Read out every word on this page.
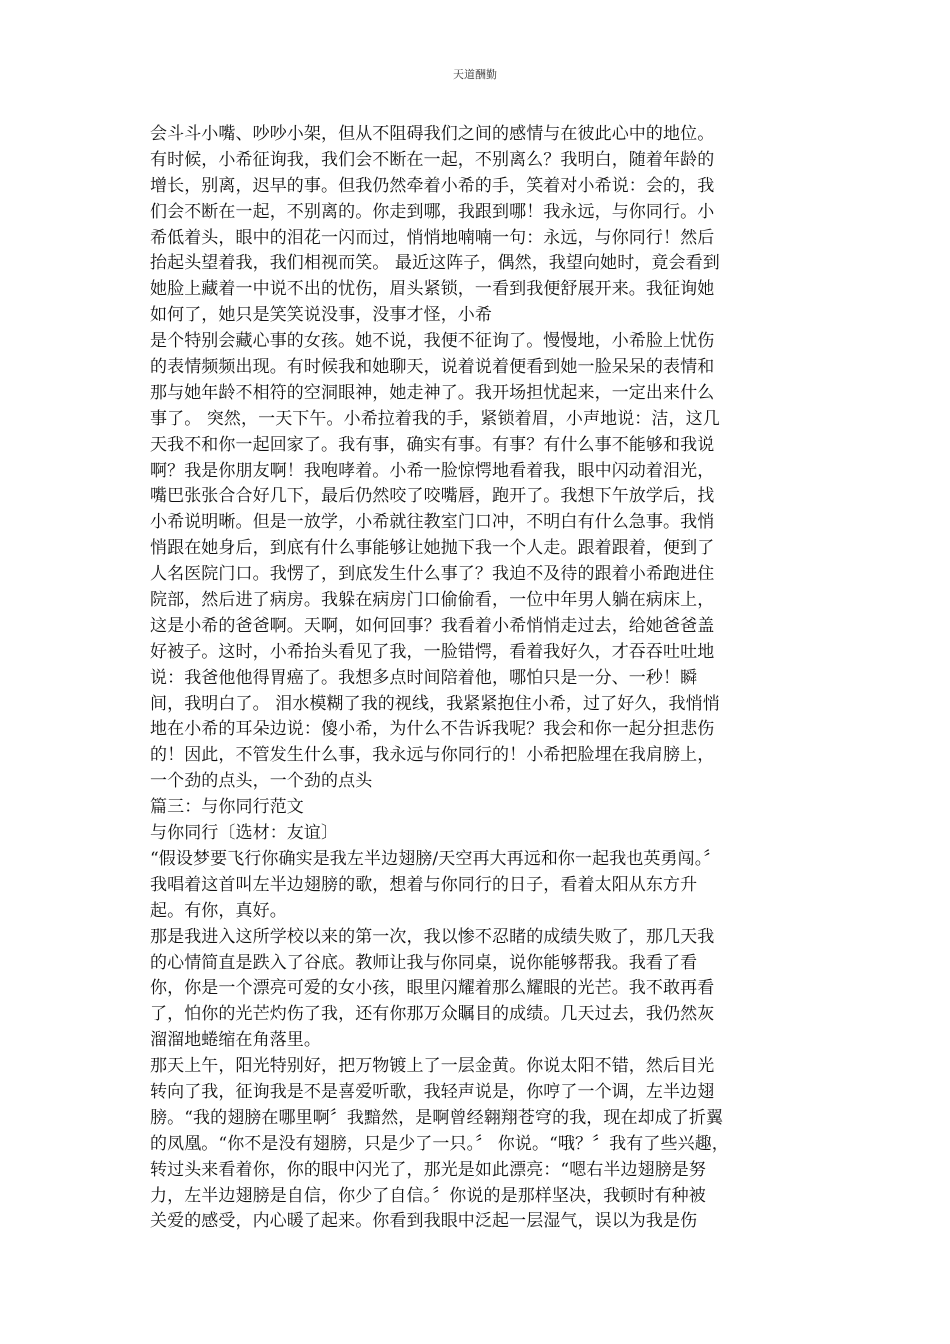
天道酬勤
会斗斗小嘴、吵吵小架，但从不阻碍我们之间的感情与在彼此心中的地位。
有时候，小希征询我，我们会不断在一起，不别离么？我明白，随着年龄的
增长，别离，迟早的事。但我仍然牵着小希的手，笑着对小希说：会的，我
们会不断在一起，不别离的。你走到哪，我跟到哪！我永远，与你同行。小
希低着头，眼中的泪花一闪而过，悄悄地喃喃一句：永远，与你同行！然后
抬起头望着我，我们相视而笑。 最近这阵子，偶然，我望向她时，竟会看到
她脸上藏着一中说不出的忧伤，眉头紧锁，一看到我便舒展开来。我征询她
如何了，她只是笑笑说没事，没事才怪，小希
是个特别会藏心事的女孩。她不说，我便不征询了。慢慢地，小希脸上忧伤
的表情频频出现。有时候我和她聊天，说着说着便看到她一脸呆呆的表情和
那与她年龄不相符的空洞眼神，她走神了。我开场担忧起来，一定出来什么
事了。 突然，一天下午。小希拉着我的手，紧锁着眉，小声地说：洁，这几
天我不和你一起回家了。我有事，确实有事。有事？有什么事不能够和我说
啊？我是你朋友啊！我咆哮着。小希一脸惊愕地看着我，眼中闪动着泪光，
嘴巴张张合合好几下，最后仍然咬了咬嘴唇，跑开了。我想下午放学后，找
小希说明晰。但是一放学，小希就往教室门口冲，不明白有什么急事。我悄
悄跟在她身后，到底有什么事能够让她抛下我一个人走。跟着跟着，便到了
人名医院门口。我愣了，到底发生什么事了？我迫不及待的跟着小希跑进住
院部，然后进了病房。我躲在病房门口偷偷看，一位中年男人躺在病床上，
这是小希的爸爸啊。天啊，如何回事？我看着小希悄悄走过去，给她爸爸盖
好被子。这时，小希抬头看见了我，一脸错愕，看着我好久，才吞吞吐吐地
说：我爸他他得胃癌了。我想多点时间陪着他，哪怕只是一分、一秒！瞬
间，我明白了。 泪水模糊了我的视线，我紧紧抱住小希，过了好久，我悄悄
地在小希的耳朵边说：傻小希，为什么不告诉我呢？我会和你一起分担悲伤
的！因此，不管发生什么事，我永远与你同行的！小希把脸埋在我肩膀上，
一个劲的点头，一个劲的点头
篇三：与你同行范文
与你同行〔选材：友谊〕
“假设梦要飞行你确实是我左半边翅膀/天空再大再远和你一起我也英勇闯。〞
我唱着这首叫左半边翅膀的歌，想着与你同行的日子，看着太阳从东方升
起。有你，真好。
那是我进入这所学校以来的第一次，我以惨不忍睹的成绩失败了，那几天我
的心情简直是跌入了谷底。教师让我与你同桌，说你能够帮我。我看了看
你，你是一个漂亮可爱的女小孩，眼里闪耀着那么耀眼的光芒。我不敢再看
了，怕你的光芒灼伤了我，还有你那万众瞩目的成绩。几天过去，我仍然灰
溜溜地蜷缩在角落里。
那天上午，阳光特别好，把万物镀上了一层金黄。你说太阳不错，然后目光
转向了我，征询我是不是喜爱听歌，我轻声说是，你哼了一个调，左半边翅
膀。“我的翅膀在哪里啊〞我黯然，是啊曾经翱翔苍穹的我，现在却成了折翼
的凤凰。“你不是没有翅膀，只是少了一只。〞 你说。“哦？〞我有了些兴趣，
转过头来看着你，你的眼中闪光了，那光是如此漂亮：“嗯右半边翅膀是努
力，左半边翅膀是自信，你少了自信。〞你说的是那样坚决，我顿时有种被
关爱的感受，内心暖了起来。你看到我眼中泛起一层湿气，误以为我是伤
